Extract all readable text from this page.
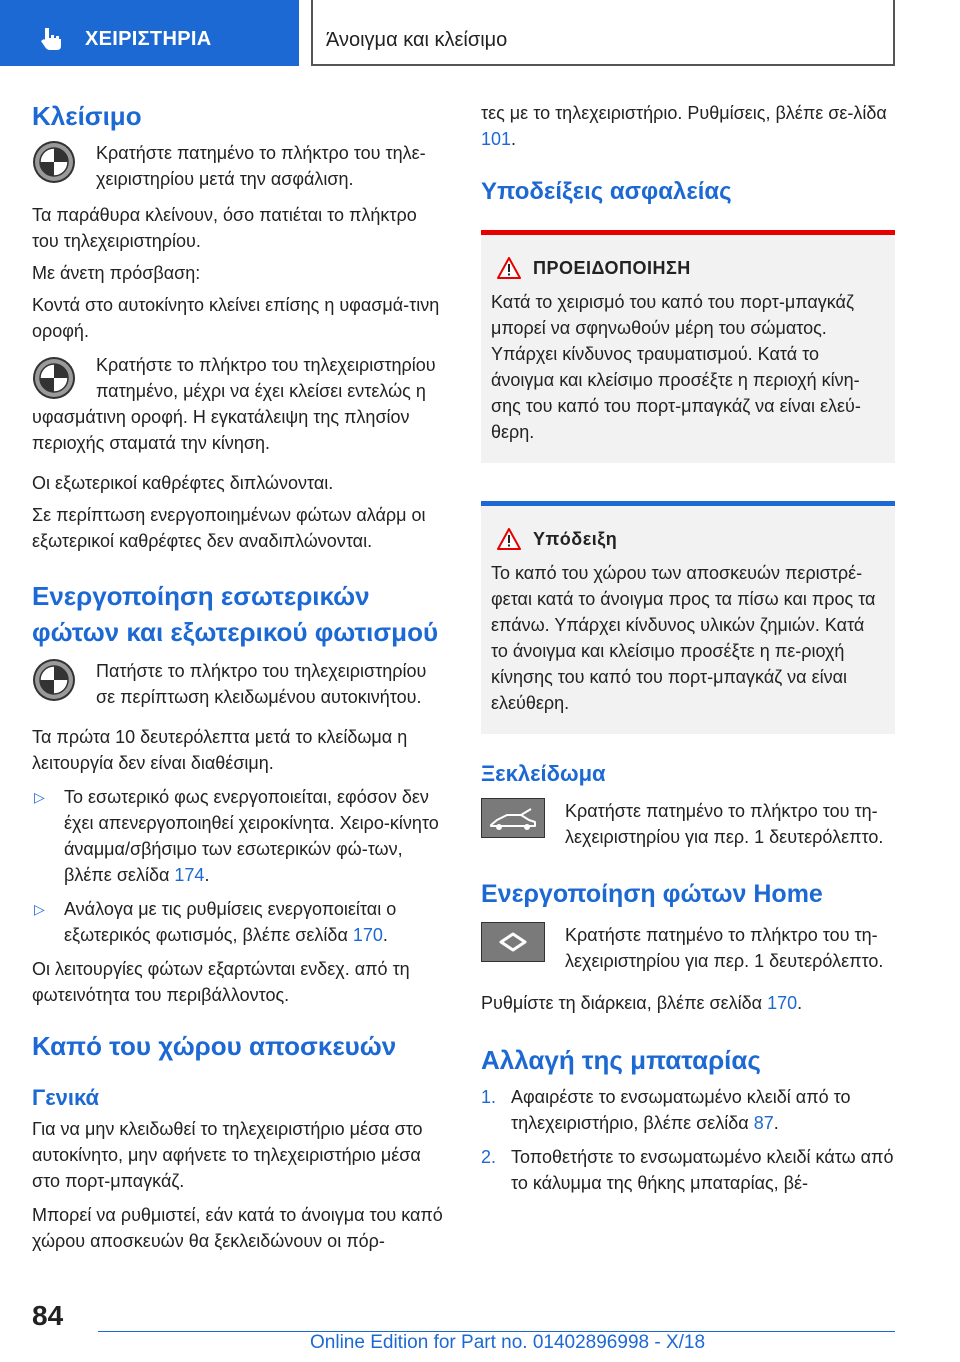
ΧΕΙΡΙΣΤΗΡΙΑ	Άνοιγμα και κλείσιμο
Κλείσιμο

Κρατήστε πατημένο το πλήκτρο του τηλε‐χειριστηρίου μετά την ασφάλιση.

Τα παράθυρα κλείνουν, όσο πατιέται το πλήκτρο του τηλεχειριστηρίου.

Με άνετη πρόσβαση:

Κοντά στο αυτοκίνητο κλείνει επίσης η υφασμά‐τινη οροφή.

Κρατήστε το πλήκτρο του τηλεχειριστηρίου πατημένο, μέχρι να έχει κλείσει εντελώς η υφασμάτινη οροφή. Η εγκατάλειψη της πλησίον περιοχής σταματά την κίνηση.

Οι εξωτερικοί καθρέφτες διπλώνονται.

Σε περίπτωση ενεργοποιημένων φώτων αλάρμ οι εξωτερικοί καθρέφτες δεν αναδιπλώνονται.

Ενεργοποίηση εσωτερικών φώτων και εξωτερικού φωτισμού

Πατήστε το πλήκτρο του τηλεχειριστηρίου σε περίπτωση κλειδωμένου αυτοκινήτου.

Τα πρώτα 10 δευτερόλεπτα μετά το κλείδωμα η λειτουργία δεν είναι διαθέσιμη.

▷	Το εσωτερικό φως ενεργοποιείται, εφόσον δεν έχει απενεργοποιηθεί χειροκίνητα. Χειρο‐κίνητο άναμμα/σβήσιμο των εσωτερικών φώ‐των, βλέπε σελίδα 174.

▷	Ανάλογα με τις ρυθμίσεις ενεργοποιείται ο εξωτερικός φωτισμός, βλέπε σελίδα 170.

Οι λειτουργίες φώτων εξαρτώνται ενδεχ. από τη φωτεινότητα του περιβάλλοντος.

Καπό του χώρου αποσκευών
Γενικά

Για να μην κλειδωθεί το τηλεχειριστήριο μέσα στο αυτοκίνητο, μην αφήνετε το τηλεχειριστήριο μέσα στο πορτ-μπαγκάζ.

Μπορεί να ρυθμιστεί, εάν κατά το άνοιγμα του καπό χώρου αποσκευών θα ξεκλειδώνουν οι πόρ‐

τες με το τηλεχειριστήριο. Ρυθμίσεις, βλέπε σε‐λίδα 101.

Υποδείξεις ασφαλείας
ΠΡΟΕΙΔΟΠΟΙΗΣΗ

Κατά το χειρισμό του καπό του πορτ-μπαγκάζ μπορεί να σφηνωθούν μέρη του σώματος. Υπάρχει κίνδυνος τραυματισμού. Κατά το άνοιγμα και κλείσιμο προσέξτε η περιοχή κίνη‐σης του καπό του πορτ-μπαγκάζ να είναι ελεύ‐θερη.

Υπόδειξη

Το καπό του χώρου των αποσκευών περιστρέ‐φεται κατά το άνοιγμα προς τα πίσω και προς τα επάνω. Υπάρχει κίνδυνος υλικών ζημιών. Κατά το άνοιγμα και κλείσιμο προσέξτε η πε‐ριοχή κίνησης του καπό του πορτ-μπαγκάζ να είναι ελεύθερη.

Ξεκλείδωμα

Κρατήστε πατημένο το πλήκτρο του τη‐λεχειριστηρίου για περ. 1 δευτερόλεπτο.

Ενεργοποίηση φώτων Home

Κρατήστε πατημένο το πλήκτρο του τη‐λεχειριστηρίου για περ. 1 δευτερόλεπτο.

Ρυθμίστε τη διάρκεια, βλέπε σελίδα 170.

Αλλαγή της μπαταρίας
1. Αφαιρέστε το ενσωματωμένο κλειδί από το τηλεχειριστήριο, βλέπε σελίδα 87.

2. Τοποθετήστε το ενσωματωμένο κλειδί κάτω από το κάλυμμα της θήκης μπαταρίας, βέ‐

84
Online Edition for Part no. 01402896998 - X/18
